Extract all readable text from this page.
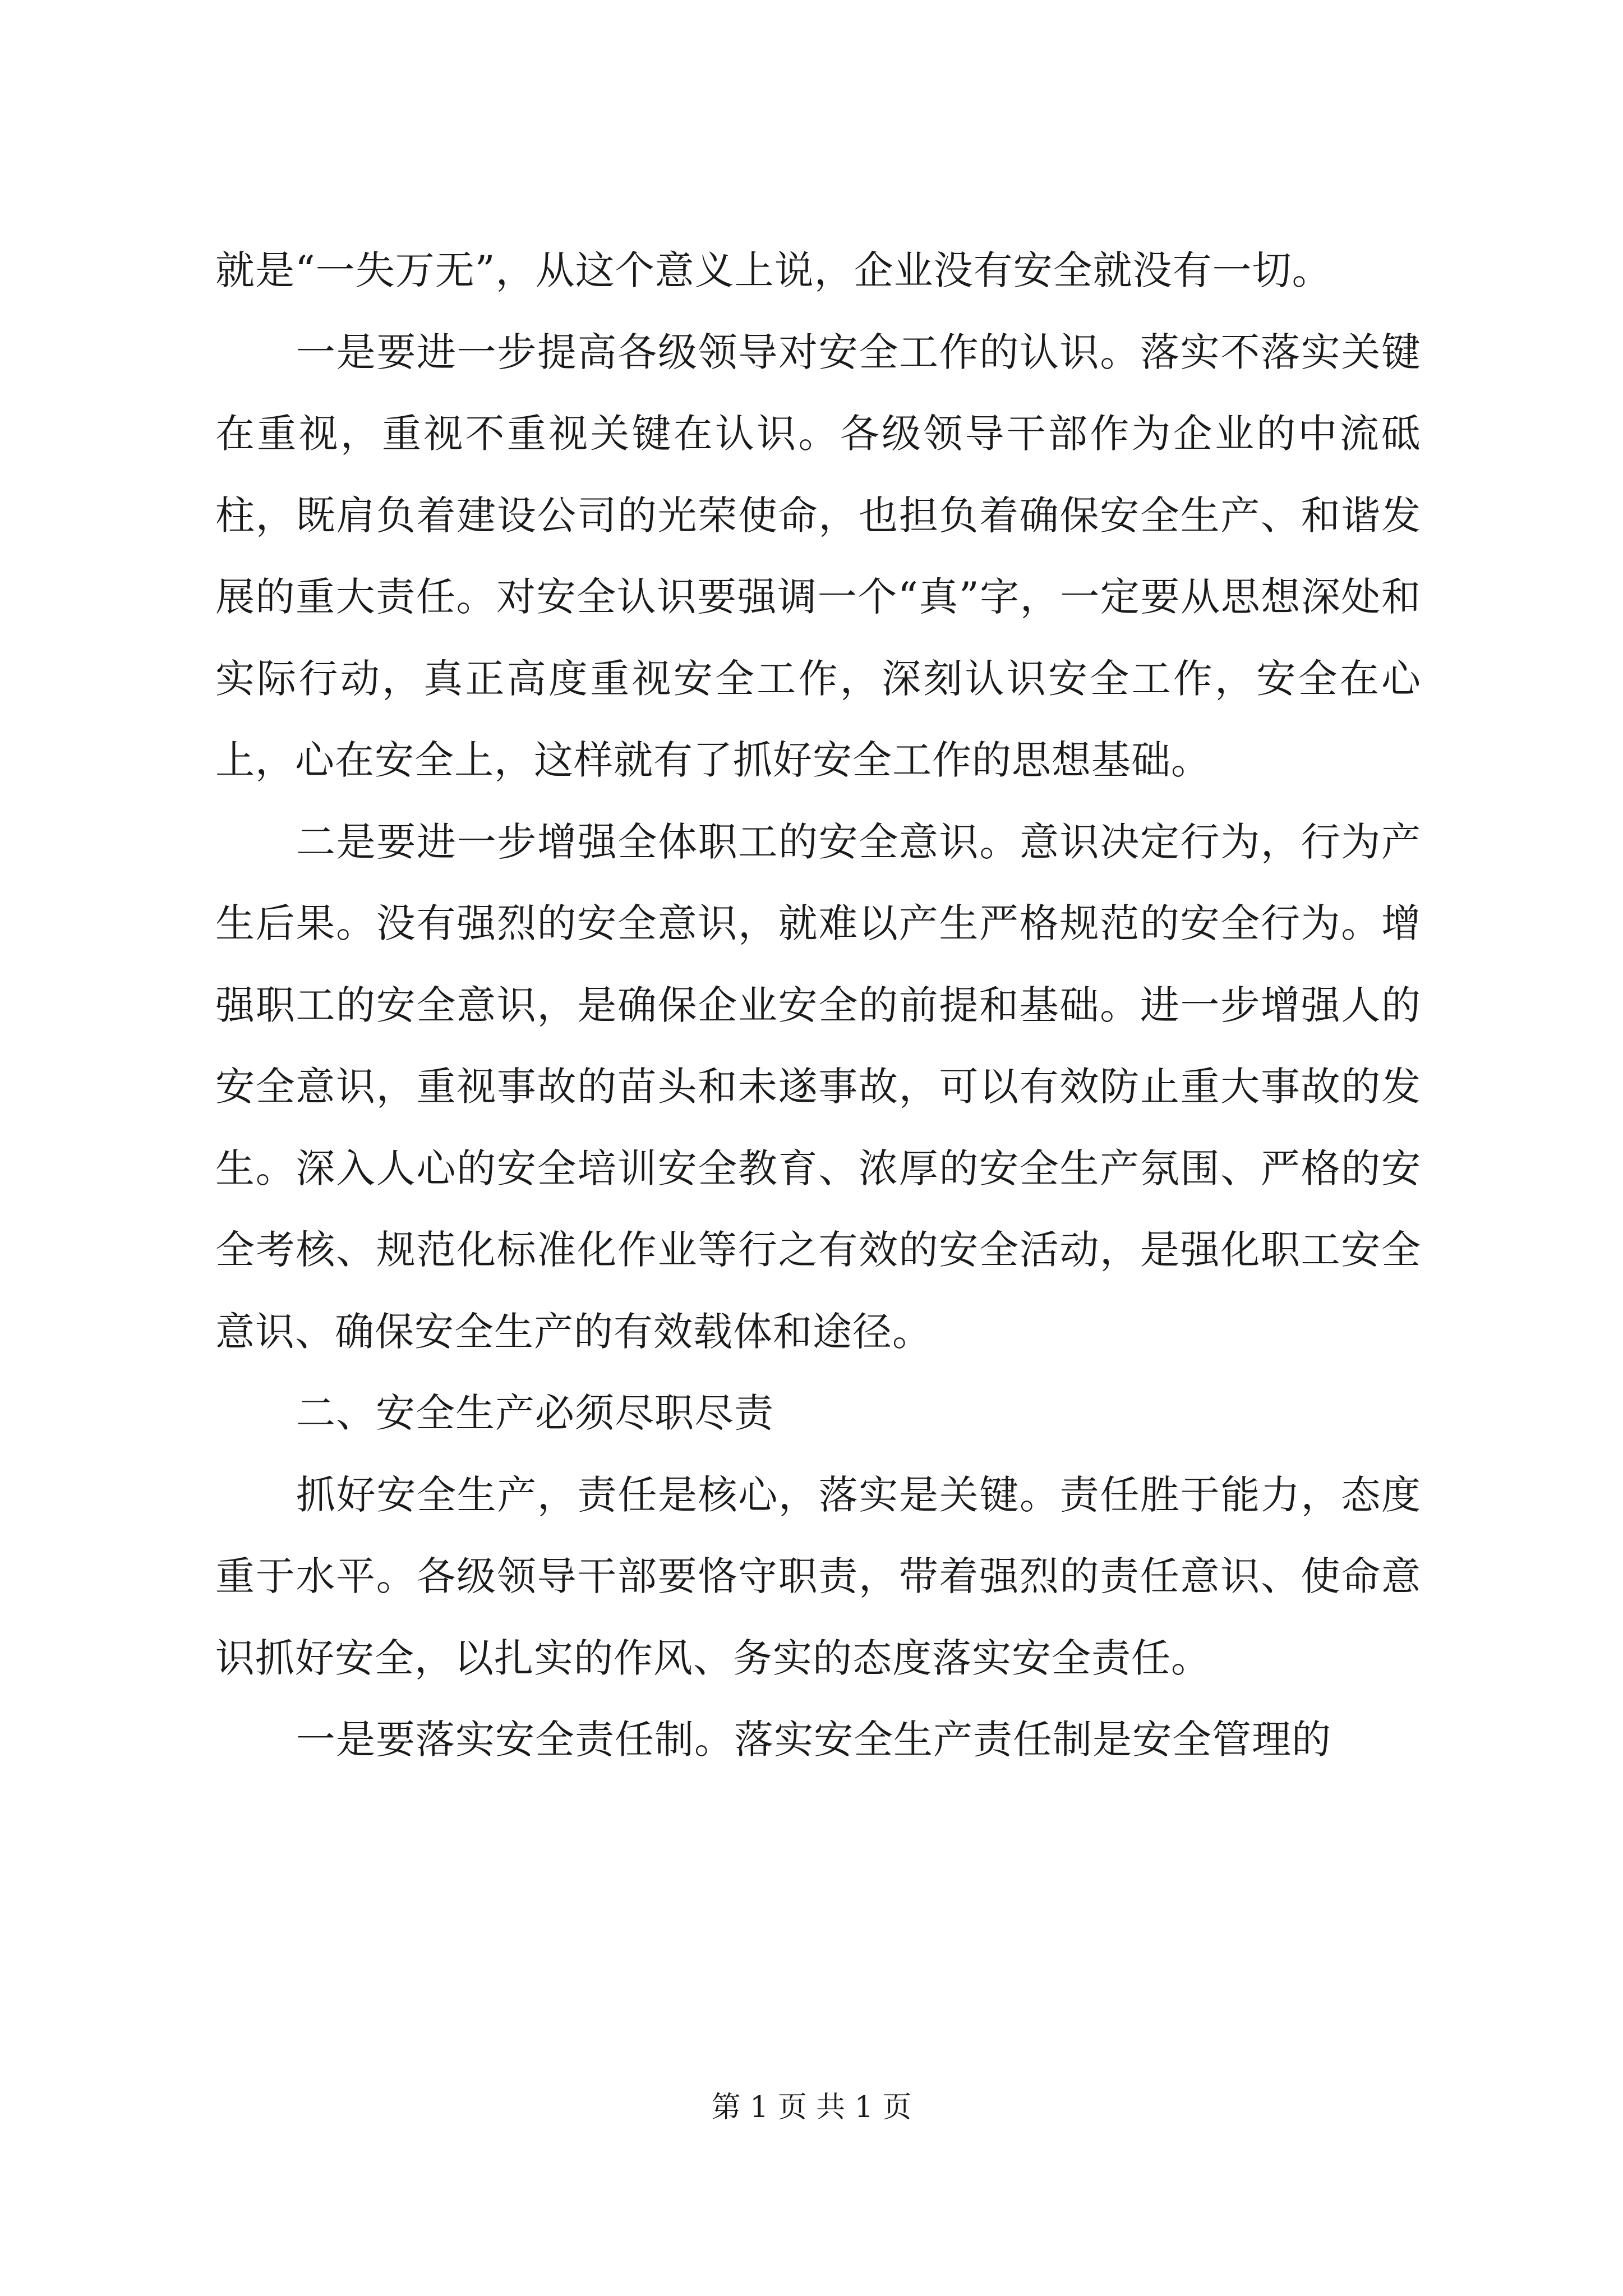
就是“一失万无”，从这个意义上说，企业没有安全就没有一切。

一是要进一步提高各级领导对安全工作的认识。落实不落实关键在重视，重视不重视关键在认识。各级领导干部作为企业的中流砥柱，既肩负着建设公司的光荣使命，也担负着确保安全生产、和谐发展的重大责任。对安全认识要强调一个“真”字，一定要从思想深处和实际行动，真正高度重视安全工作，深刻认识安全工作，安全在心上，心在安全上，这样就有了抓好安全工作的思想基础。

二是要进一步增强全体职工的安全意识。意识决定行为，行为产生后果。没有强烈的安全意识，就难以产生严格规范的安全行为。增强职工的安全意识，是确保企业安全的前提和基础。进一步增强人的安全意识，重视事故的苗头和未遂事故，可以有效防止重大事故的发生。深入人心的安全培训安全教育、浓厚的安全生产氛围、严格的安全考核、规范化标准化作业等行之有效的安全活动，是强化职工安全意识、确保安全生产的有效载体和途径。

二、安全生产必须尽职尽责

抓好安全生产，责任是核心，落实是关键。责任胜于能力，态度重于水平。各级领导干部要恪守职责，带着强烈的责任意识、使命意识抓好安全，以扎实的作风、务实的态度落实安全责任。

一是要落实安全责任制。落实安全生产责任制是安全管理的

第 1 页 共 1 页
